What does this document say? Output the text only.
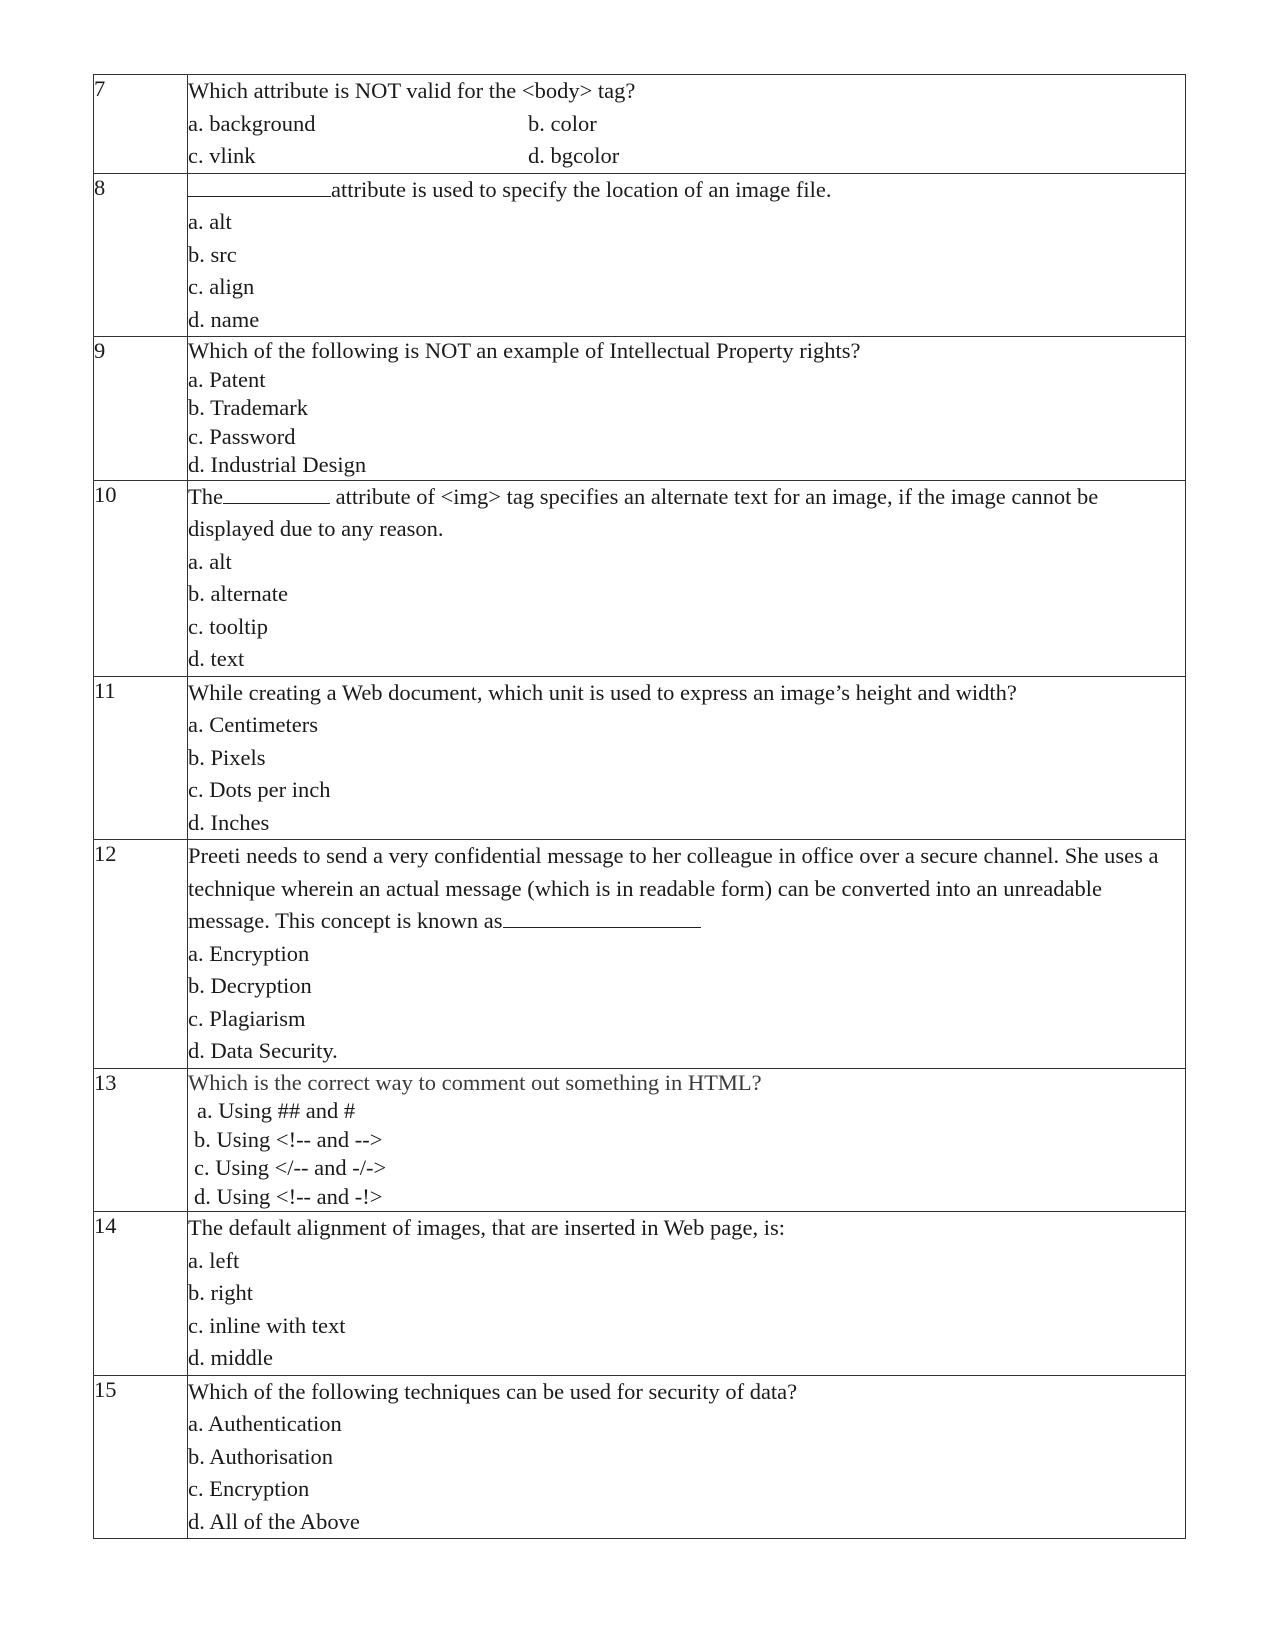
7	Which attribute is NOT valid for the <body> tag?
a. background b. color
c. vlink d. bgcolor

8	attribute is used to specify the location of an image file.
a. alt
b. src
c. align
d. name

9	Which of the following is NOT an example of Intellectual Property rights?
a. Patent
b. Trademark
c. Password
d. Industrial Design

10	The attribute of <img> tag specifies an alternate text for an image, if the image cannot be displayed due to any reason.
a. alt
b. alternate
c. tooltip
d. text

11	While creating a Web document, which unit is used to express an image’s height and width?
a. Centimeters
b. Pixels
c. Dots per inch
d. Inches

12	Preeti needs to send a very confidential message to her colleague in office over a secure channel. She uses a technique wherein an actual message (which is in readable form) can be converted into an unreadable message. This concept is known as
a. Encryption
b. Decryption
c. Plagiarism
d. Data Security.

13	Which is the correct way to comment out something in HTML?
a. Using ## and #
b. Using <!-- and -->
c. Using </-- and -/->
d. Using <!-- and -!>

14	The default alignment of images, that are inserted in Web page, is:
a. left
b. right
c. inline with text
d. middle

15	Which of the following techniques can be used for security of data?
a. Authentication
b. Authorisation
c. Encryption
d. All of the Above
